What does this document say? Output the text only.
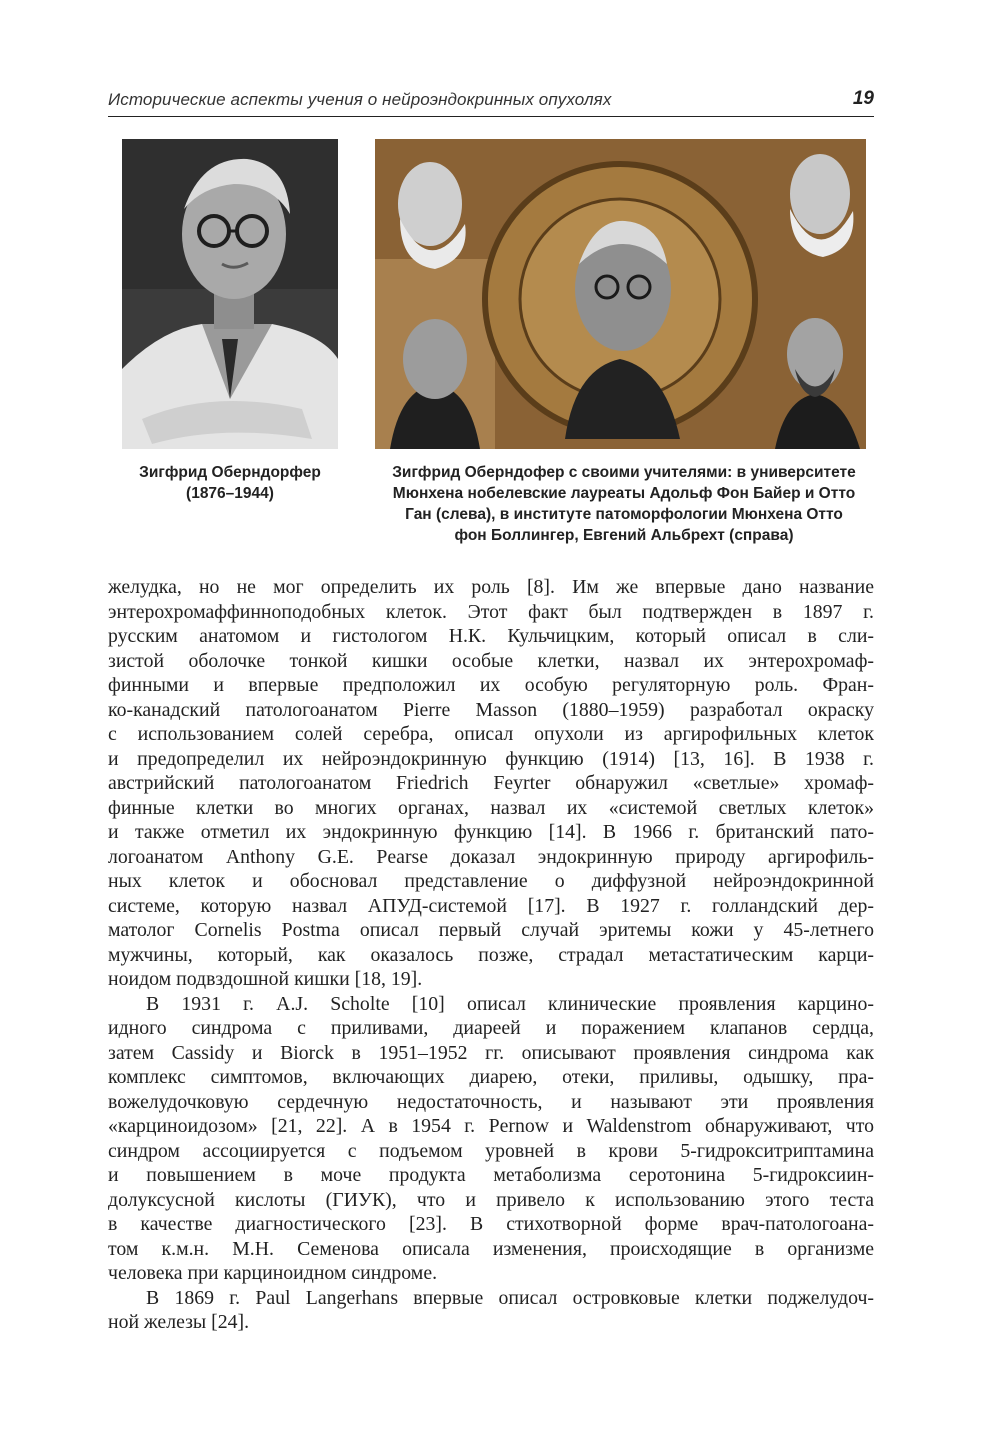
Исторические аспекты учения о нейроэндокринных опухолях	19
Зигфрид Оберндорфер
(1876–1944)
Зигфрид Оберндофер с своими учителями: в университете
Мюнхена нобелевские лауреаты Адольф Фон Байер и Отто
Ган (слева), в институте патоморфологии Мюнхена Отто
фон Боллингер, Евгений Альбрехт (справа)
желудка, но не мог определить их роль [8]. Им же впервые дано название
энтерохромаффинноподобных клеток. Этот факт был подтвержден в 1897 г.
русским анатомом и гистологом Н.К. Кульчицким, который описал в сли-
зистой оболочке тонкой кишки особые клетки, назвал их энтерохромаф-
финными и впервые предположил их особую регуляторную роль. Фран-
ко-канадский патологоанатом Pierre Masson (1880–1959) разработал окраску
с использованием солей серебра, описал опухоли из аргирофильных клеток
и предопределил их нейроэндокринную функцию (1914) [13, 16]. В 1938 г.
австрийский патологоанатом Friedrich Feyrter обнаружил «светлые» хромаф-
финные клетки во многих органах, назвал их «системой светлых клеток»
и также отметил их эндокринную функцию [14]. В 1966 г. британский пато-
логоанатом Anthony G.E. Pearse доказал эндокринную природу аргирофиль-
ных клеток и обосновал представление о диффузной нейроэндокринной
системе, которую назвал АПУД-системой [17]. В 1927 г. голландский дер-
матолог Cornelis Postma описал первый случай эритемы кожи у 45-летнего
мужчины, который, как оказалось позже, страдал метастатическим карци-
ноидом подвздошной кишки [18, 19].
В 1931 г. A.J. Scholte [10] описал клинические проявления карцино-
идного синдрома с приливами, диареей и поражением клапанов сердца,
затем Cassidy и Biorck в 1951–1952 гг. описывают проявления синдрома как
комплекс симптомов, включающих диарею, отеки, приливы, одышку, пра-
вожелудочковую сердечную недостаточность, и называют эти проявления
«карциноидозом» [21, 22]. А в 1954 г. Pernow и Waldenstrom обнаруживают, что
синдром ассоциируется с подъемом уровней в крови 5-гидрокситриптамина
и повышением в моче продукта метаболизма серотонина 5-гидроксиин-
долуксусной кислоты (ГИУК), что и привело к использованию этого теста
в качестве диагностического [23]. В стихотворной форме врач-патологоана-
том к.м.н. М.Н. Семенова описала изменения, происходящие в организме
человека при карциноидном синдроме.
В 1869 г. Paul Langerhans впервые описал островковые клетки поджелудоч-
ной железы [24].
